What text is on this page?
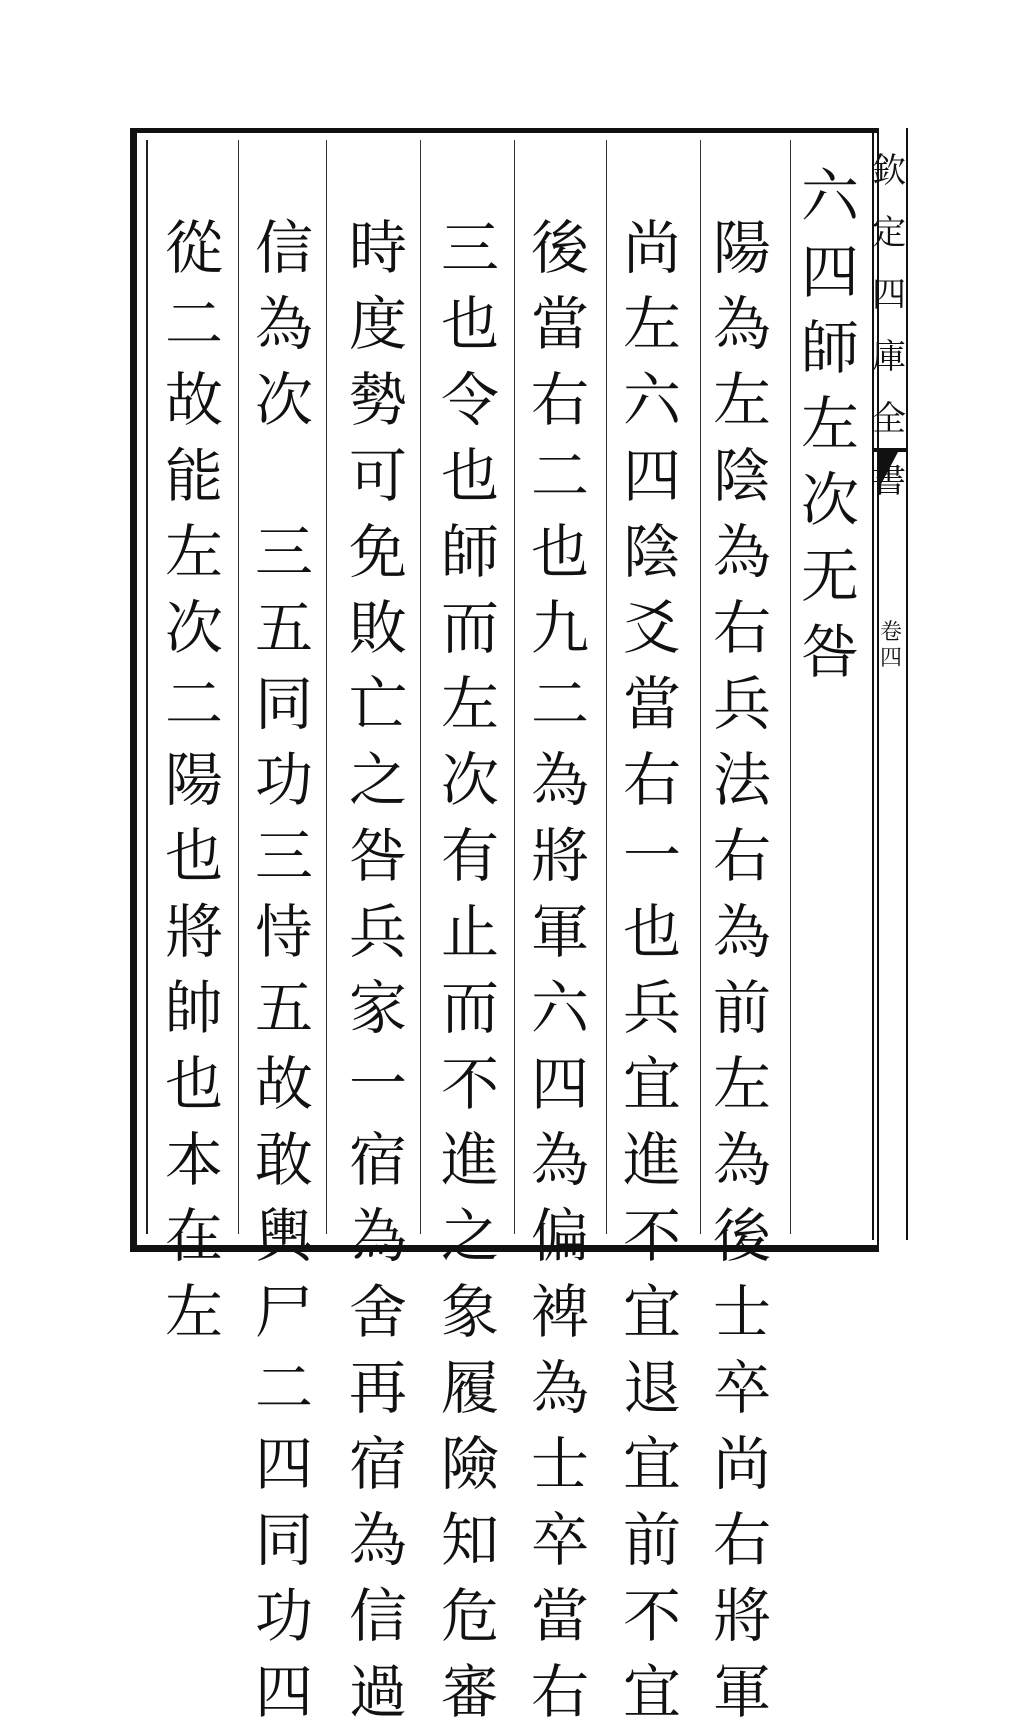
六
四
師
左
次
无
咎
陽
為
左
陰
為
右
兵
法
右
為
前
左
為
後
士
卒
尚
右
將
軍
尚
左
六
四
陰
爻
當
右
一
也
兵
宜
進
不
宜
退
宜
前
不
宜
後
當
右
二
也
九
二
為
將
軍
六
四
為
偏
裨
為
士
卒
當
右
三
也
令
也
師
而
左
次
有
止
而
不
進
之
象
履
險
知
危
審
時
度
勢
可
免
敗
亡
之
咎
兵
家
一
宿
為
舍
再
宿
為
信
過
信
為
次

三
五
同
功
三
恃
五
故
敢
輿
尸
二
四
同
功
四
從
二
故
能
左
次
二
陽
也
將
帥
也
本
在
左
欽
定
四
庫
全
書
卷
四
